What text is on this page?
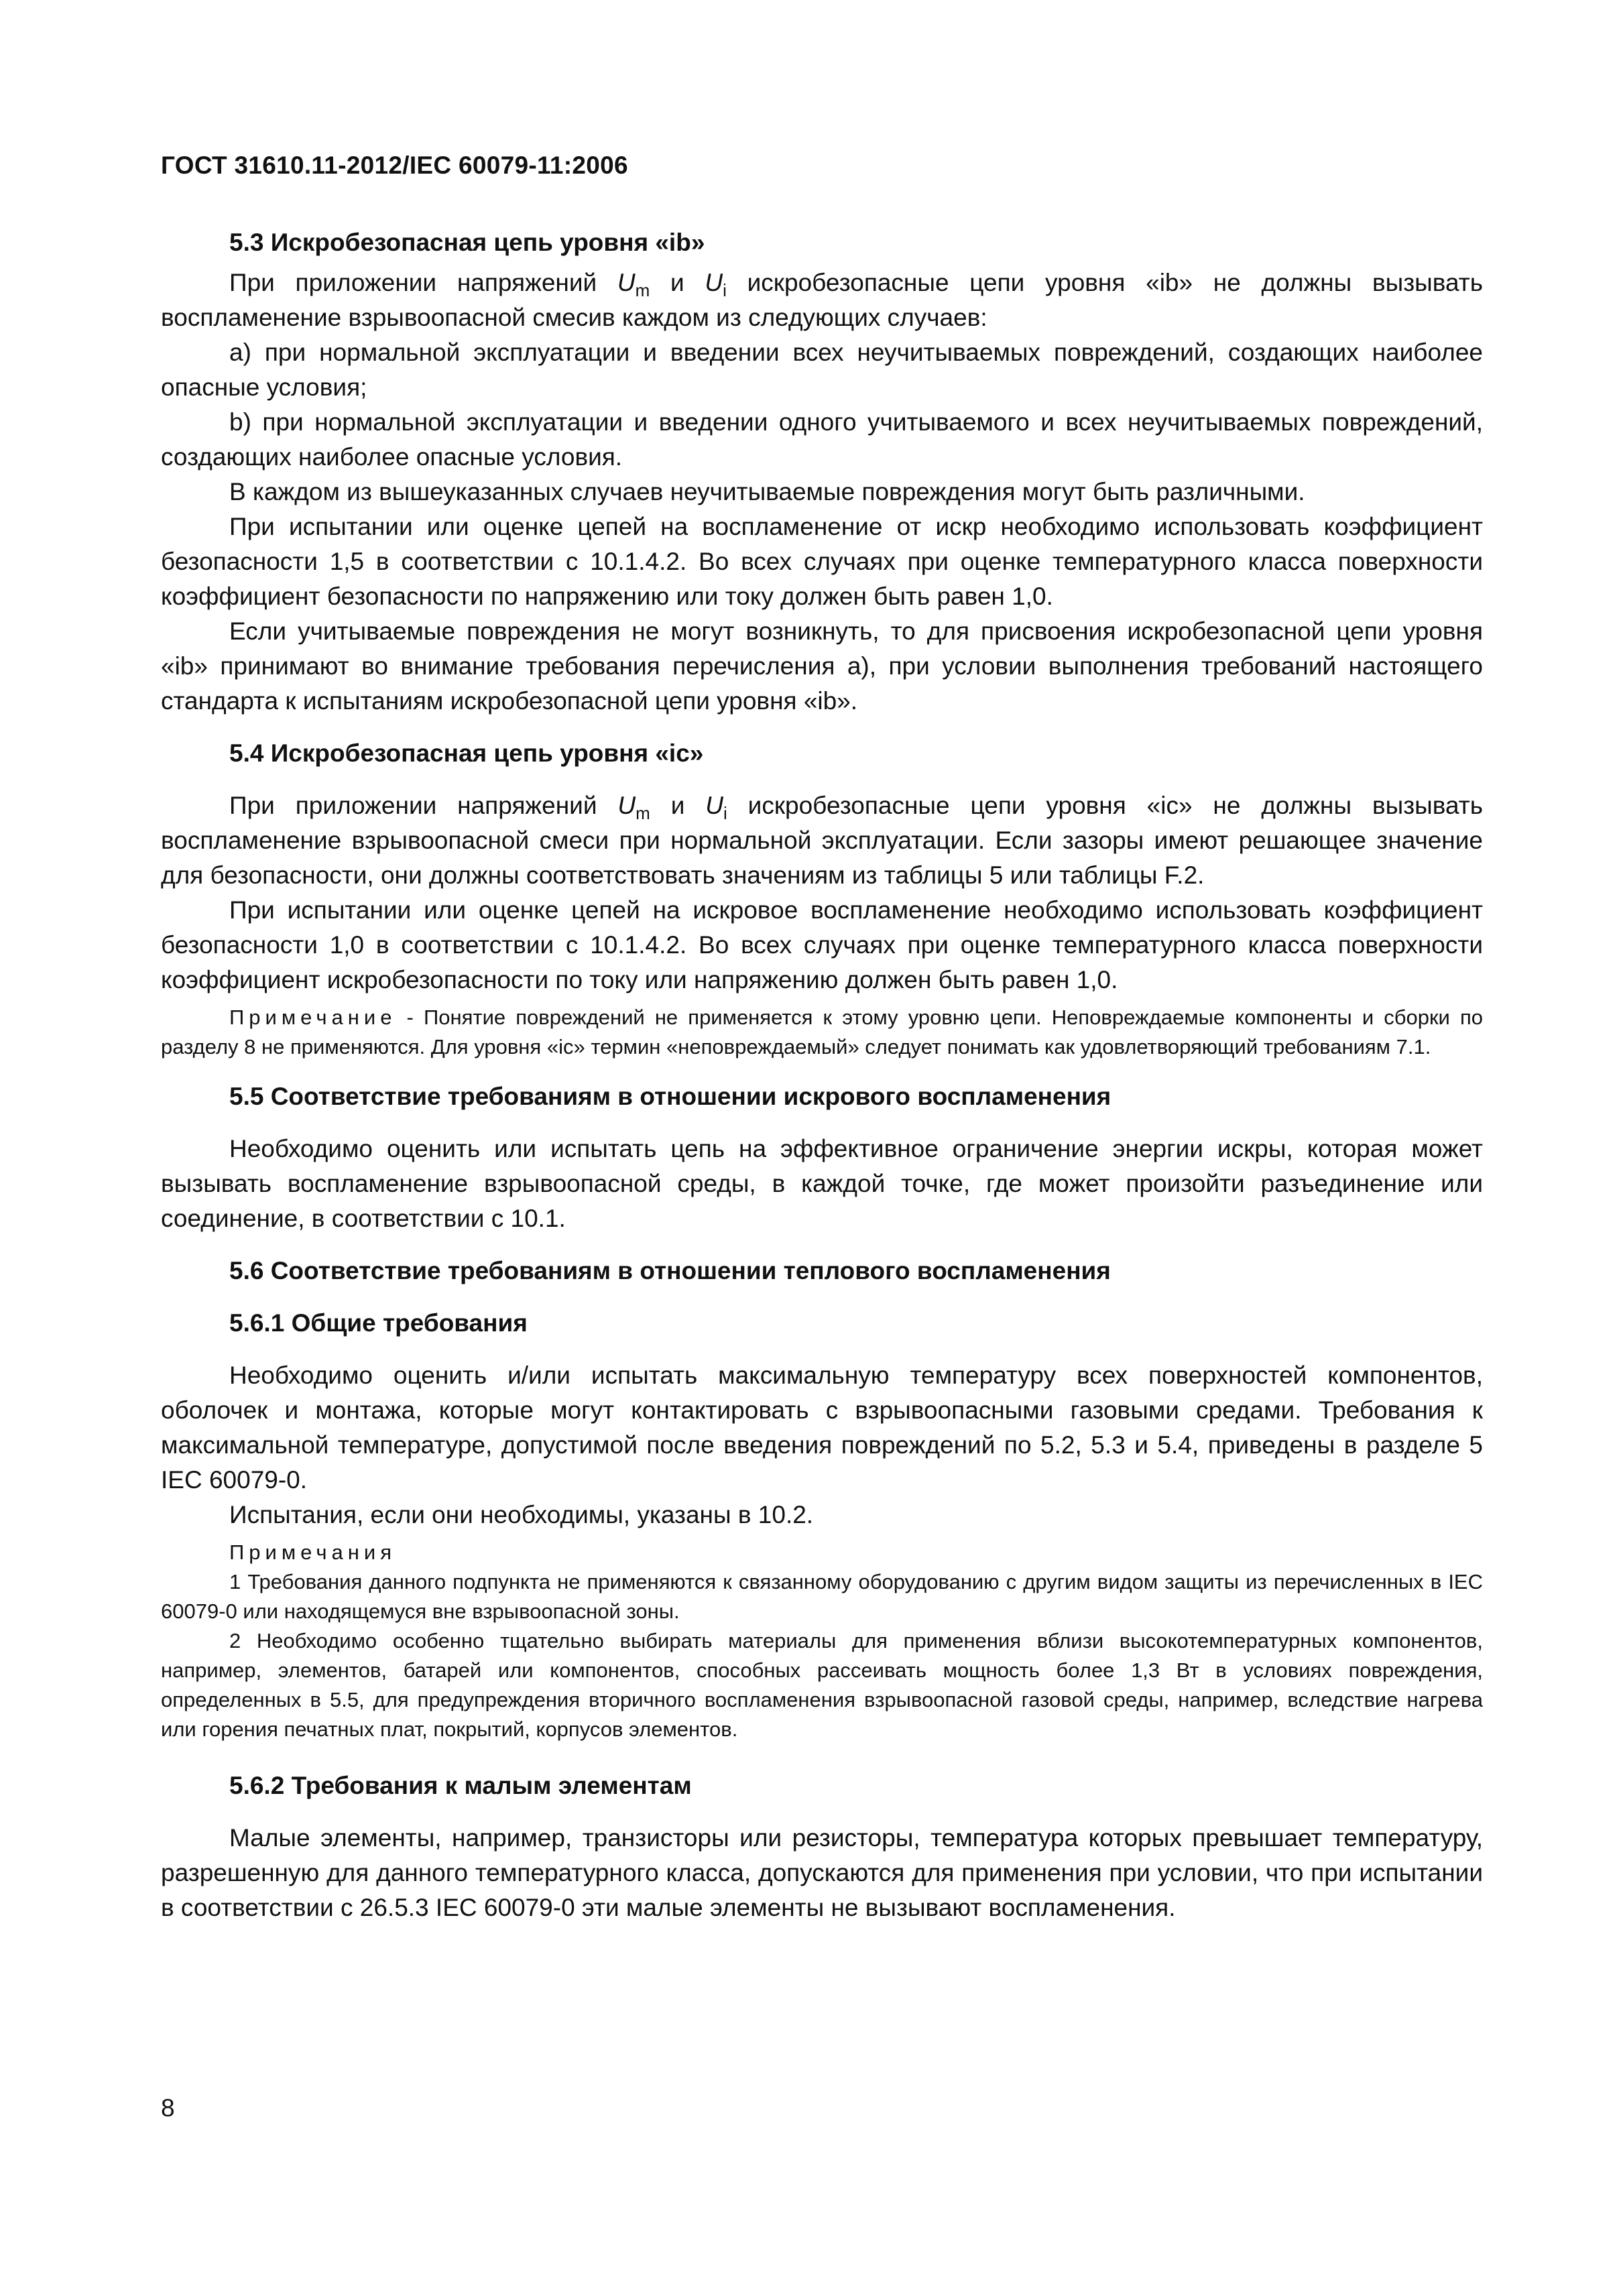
ГОСТ 31610.11-2012/IEC 60079-11:2006
5.3 Искробезопасная цепь уровня «ib»

При приложении напряжений $U_m$ и $U_i$ искробезопасные цепи уровня «ib» не должны вызывать воспламенение взрывоопасной смесив каждом из следующих случаев:

a) при нормальной эксплуатации и введении всех неучитываемых повреждений, создающих наиболее опасные условия;

b) при нормальной эксплуатации и введении одного учитываемого и всех неучитываемых повреждений, создающих наиболее опасные условия.

В каждом из вышеуказанных случаев неучитываемые повреждения могут быть различными.

При испытании или оценке цепей на воспламенение от искр необходимо использовать коэффициент безопасности 1,5 в соответствии с 10.1.4.2. Во всех случаях при оценке температурного класса поверхности коэффициент безопасности по напряжению или току должен быть равен 1,0.

Если учитываемые повреждения не могут возникнуть, то для присвоения искробезопасной цепи уровня «ib» принимают во внимание требования перечисления а), при условии выполнения требований настоящего стандарта к испытаниям искробезопасной цепи уровня «ib».

5.4 Искробезопасная цепь уровня «ic»

При приложении напряжений $U_m$ и $U_i$ искробезопасные цепи уровня «ic» не должны вызывать воспламенение взрывоопасной смеси при нормальной эксплуатации. Если зазоры имеют решающее значение для безопасности, они должны соответствовать значениям из таблицы 5 или таблицы F.2.

При испытании или оценке цепей на искровое воспламенение необходимо использовать коэффициент безопасности 1,0 в соответствии с 10.1.4.2. Во всех случаях при оценке температурного класса поверхности коэффициент искробезопасности по току или напряжению должен быть равен 1,0.

Примечание - Понятие повреждений не применяется к этому уровню цепи. Неповреждаемые компоненты и сборки по разделу 8 не применяются. Для уровня «ic» термин «неповреждаемый» следует понимать как удовлетворяющий требованиям 7.1.

5.5 Соответствие требованиям в отношении искрового воспламенения

Необходимо оценить или испытать цепь на эффективное ограничение энергии искры, которая может вызывать воспламенение взрывоопасной среды, в каждой точке, где может произойти разъединение или соединение, в соответствии с 10.1.

5.6 Соответствие требованиям в отношении теплового воспламенения
5.6.1 Общие требования

Необходимо оценить и/или испытать максимальную температуру всех поверхностей компонентов, оболочек и монтажа, которые могут контактировать с взрывоопасными газовыми средами. Требования к максимальной температуре, допустимой после введения повреждений по 5.2, 5.3 и 5.4, приведены в разделе 5 IEC 60079-0.

Испытания, если они необходимы, указаны в 10.2.

Примечания

1 Требования данного подпункта не применяются к связанному оборудованию с другим видом защиты из перечисленных в IEC 60079-0 или находящемуся вне взрывоопасной зоны.

2 Необходимо особенно тщательно выбирать материалы для применения вблизи высокотемпературных компонентов, например, элементов, батарей или компонентов, способных рассеивать мощность более 1,3 Вт в условиях повреждения, определенных в 5.5, для предупреждения вторичного воспламенения взрывоопасной газовой среды, например, вследствие нагрева или горения печатных плат, покрытий, корпусов элементов.

5.6.2 Требования к малым элементам

Малые элементы, например, транзисторы или резисторы, температура которых превышает температуру, разрешенную для данного температурного класса, допускаются для применения при условии, что при испытании в соответствии с 26.5.3 IEC 60079-0 эти малые элементы не вызывают воспламенения.

8
